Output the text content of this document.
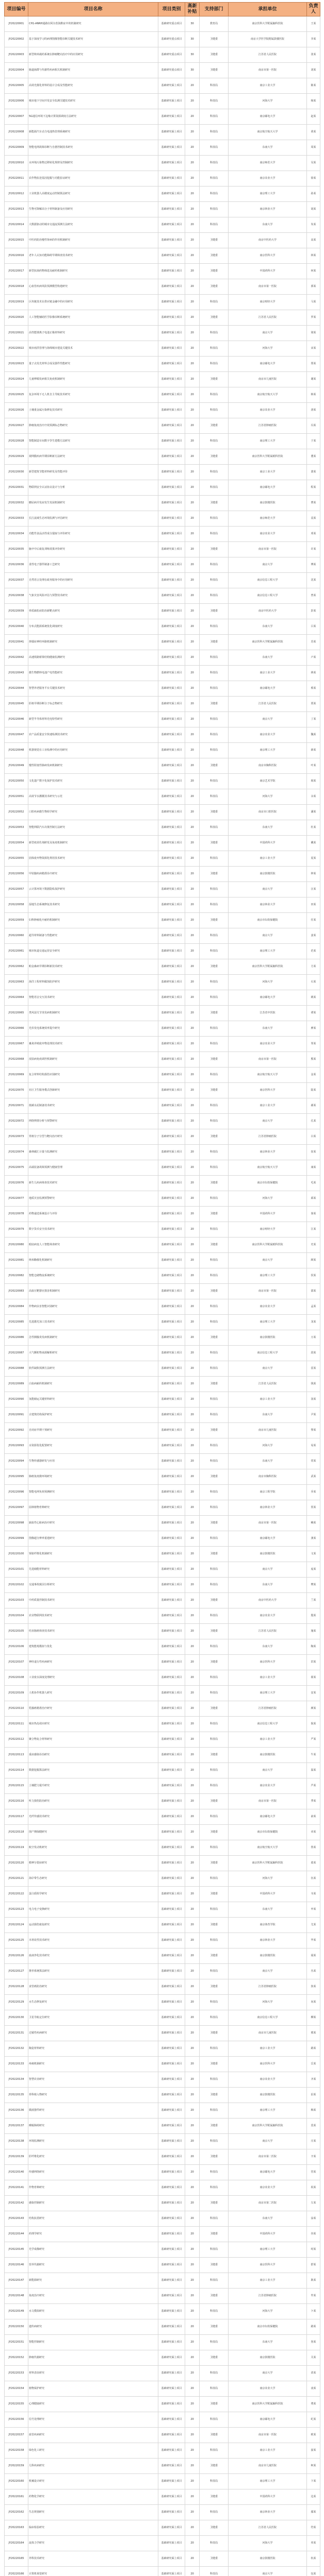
项目编号	项目名称	项目类别	高新补贴	支持部门	承担单位	负责人
JY20220001	CH1-ANRH通路在阿尔茨海默症中的机制研究	基础研究重点项目	30	教育局	南京医科大学附属脑科医院	王某
JY20220002	基于深度学习的病理图像智能诊断关键技术研究	基础研究重点项目	30	卫健委	南京大学医学院附属鼓楼医院	李某
JY20220003	新型纳米载药系统在肿瘤靶向治疗中的应用研究	基础研究重点项目	30	卫健委	江苏省人民医院	张某
JY20220004	肠道菌群与代谢性疾病相关机制研究	基础研究重点项目	30	卫健委	南京市第一医院	刘某
JY20220005	高效光催化材料的设计合成及性能研究	基础研究面上项目	20	科技局	南京工业大学	陈某
JY20220006	城市地下空间开发安全监测关键技术研究	基础研究面上项目	20	科技局	河海大学	杨某
JY20220007	5G通信环境下边缘计算资源调度方法研究	基础研究面上项目	20	科技局	南京邮电大学	赵某
JY20220008	新能源汽车动力电池热管理系统研究	基础研究面上项目	20	科技局	南京航空航天大学	黄某
JY20220009	智能电网故障诊断与自愈控制技术研究	基础研究面上项目	20	科技局	东南大学	周某
JY20220010	水环境污染物迁移转化规律及控制研究	基础研究面上项目	20	科技局	南京师范大学	吴某
JY20220011	农作物抗逆基因挖掘与功能验证研究	基础研究面上项目	20	科技局	南京农业大学	徐某
JY20220012	工业机器人高精度运动控制算法研究	基础研究面上项目	20	科技局	南京理工大学	孙某
JY20220013	生物可降解高分子材料制备及应用研究	基础研究面上项目	20	科技局	南京林业大学	胡某
JY20220014	大数据驱动的城市交通流预测方法研究	基础研究面上项目	20	科技局	东南大学	朱某
JY20220015	中医药防治慢性肾病的作用机制研究	基础研究面上项目	20	卫健委	南京中医药大学	高某
JY20220016	老年人认知功能障碍早期筛查技术研究	基础研究面上项目	20	卫健委	南京医科大学	林某
JY20220017	新型抗菌药物筛选及耐药机制研究	基础研究面上项目	20	卫健委	中国药科大学	何某
JY20220018	心血管疾病风险预测模型构建研究	基础研究面上项目	20	卫健委	南京市第一医院	郭某
JY20220019	区块链技术在供应链金融中的应用研究	基础研究面上项目	20	科技局	南京财经大学	马某
JY20220020	人工智能辅助医学影像诊断系统研究	基础研究面上项目	20	卫健委	江苏省人民医院	罗某
JY20220021	高性能锂离子电池正极材料研究	基础研究面上项目	20	科技局	南京大学	梁某
JY20220022	城市雨洪管理与海绵城市建设关键技术	基础研究面上项目	20	科技局	河海大学	宋某
JY20220023	量子点发光材料合成及器件性能研究	基础研究面上项目	20	科技局	南京邮电大学	郑某
JY20220024	儿童哮喘发病相关免疫机制研究	基础研究面上项目	20	卫健委	南京市儿童医院	谢某
JY20220025	复杂环境下无人机自主导航技术研究	基础研究面上项目	20	科技局	南京航空航天大学	韩某
JY20220026	土壤重金属污染修复技术研究	基础研究面上项目	20	科技局	南京农业大学	唐某
JY20220027	肿瘤免疫治疗疗效预测标志物研究	基础研究面上项目	20	卫健委	江苏省肿瘤医院	冯某
JY20220028	智能制造车间数字孪生建模方法研究	基础研究面上项目	20	科技局	南京理工大学	于某
JY20220029	视网膜疾病早期诊断新方法研究	基础研究面上项目	20	卫健委	南京医科大学附属眼科医院	董某
JY20220030	新型建筑节能材料研发及性能评价	基础研究面上项目	20	科技局	南京工业大学	萧某
JY20220031	物联网安全认证协议设计与分析	基础研究面上项目	20	科技局	南京邮电大学	程某
JY20220032	糖尿病并发症发生发展机制研究	基础研究面上项目	20	卫健委	南京鼓楼医院	曹某
JY20220033	长江流域生态环境监测与评估研究	基础研究面上项目	20	科技局	南京师范大学	袁某
JY20220034	功能性食品活性成分提取与评价研究	基础研究面上项目	20	科技局	南京农业大学	邓某
JY20220035	脑卒中后康复训练效果评价研究	基础研究面上项目	20	卫健委	南京市第一医院	许某
JY20220036	柔性电子器件制备工艺研究	基础研究面上项目	20	科技局	南京大学	傅某
JY20220037	自然语言处理在政务服务中的应用研究	基础研究面上项目	20	科技局	南京信息工程大学	沈某
JY20220038	气象灾害风险评估与预警技术研究	基础研究面上项目	20	科技局	南京信息工程大学	曾某
JY20220039	骨质疏松症防治新靶点研究	基础研究面上项目	20	卫健委	南京中医药大学	彭某
JY20220040	分布式能源系统优化调度研究	基础研究面上项目	20	科技局	东南大学	吕某
JY20220041	抑郁症神经环路机制研究	基础研究面上项目	20	卫健委	南京医科大学附属脑科医院	苏某
JY20220042	高速铁路桥梁结构健康监测研究	基础研究面上项目	20	科技局	东南大学	卢某
JY20220043	微生物燃料电池产电性能研究	基础研究面上项目	20	科技局	南京工业大学	蒋某
JY20220044	智慧养老服务平台关键技术研究	基础研究面上项目	20	科技局	南京邮电大学	蔡某
JY20220045	肝癌早期诊断分子标志物研究	基础研究面上项目	20	卫健委	江苏省人民医院	贾某
JY20220046	新型半导体材料光电特性研究	基础研究面上项目	20	科技局	南京大学	丁某
JY20220047	农产品质量安全快速检测技术研究	基础研究面上项目	20	科技局	南京农业大学	魏某
JY20220048	机器视觉在工业检测中的应用研究	基础研究面上项目	20	科技局	南京理工大学	薛某
JY20220049	慢性阻塞性肺病发病机制研究	基础研究面上项目	20	卫健委	南京市胸科医院	叶某
JY20220050	文化遗产数字化保护技术研究	基础研究面上项目	20	科技局	南京艺术学院	阎某
JY20220051	高效节水灌溉技术研究与示范	基础研究面上项目	20	科技局	河海大学	余某
JY20220052	口腔疾病微生物组学研究	基础研究面上项目	20	卫健委	南京市口腔医院	潘某
JY20220053	智能网联汽车决策控制方法研究	基础研究面上项目	20	科技局	东南大学	杜某
JY20220054	新型疫苗佐剂研发及免疫机制研究	基础研究面上项目	20	卫健委	中国药科大学	戴某
JY20220055	固体废弃物资源化利用技术研究	基础研究面上项目	20	科技局	南京工业大学	夏某
JY20220056	甲状腺疾病精准诊疗研究	基础研究面上项目	20	卫健委	南京鼓楼医院	钟某
JY20220057	云计算环境下数据隐私保护研究	基础研究面上项目	20	科技局	南京大学	汪某
JY20220058	湿地生态系统修复技术研究	基础研究面上项目	20	科技局	南京林业大学	田某
JY20220059	妇科肿瘤化疗耐药机制研究	基础研究面上项目	20	卫健委	南京市妇幼保健院	任某
JY20220060	超导材料制备与性能研究	基础研究面上项目	20	科技局	南京大学	姜某
JY20220061	城市轨道交通运营安全研究	基础研究面上项目	20	科技局	南京理工大学	范某
JY20220062	帕金森病早期诊断新技术研究	基础研究面上项目	20	卫健委	南京医科大学附属脑科医院	方某
JY20220063	海洋工程材料腐蚀防护研究	基础研究面上项目	20	科技局	河海大学	石某
JY20220064	智能语音交互技术研究	基础研究面上项目	20	科技局	南京邮电大学	姚某
JY20220065	类风湿关节炎发病机制研究	基础研究面上项目	20	卫健委	江苏省中医院	谭某
JY20220066	光伏发电系统效率提升研究	基础研究面上项目	20	科技局	东南大学	廖某
JY20220067	畜禽养殖废弃物处理技术研究	基础研究面上项目	20	科技局	南京农业大学	邹某
JY20220068	皮肤病免疫调控机制研究	基础研究面上项目	20	卫健委	南京市第一医院	熊某
JY20220069	复合材料结构损伤识别研究	基础研究面上项目	20	科技局	南京航空航天大学	金某
JY20220070	社区卫生服务模式创新研究	基础研究面上项目	20	卫健委	南京医科大学	陆某
JY20220071	低碳水泥制备技术研究	基础研究面上项目	20	科技局	南京工业大学	郝某
JY20220072	网络舆情分析与预警研究	基础研究面上项目	20	科技局	南京大学	孔某
JY20220073	胃癌分子分型与靶向治疗研究	基础研究面上项目	20	卫健委	江苏省肿瘤医院	白某
JY20220074	森林碳汇计量与监测研究	基础研究面上项目	20	科技局	南京林业大学	崔某
JY20220075	高端装备故障预测与健康管理	基础研究面上项目	20	科技局	南京航空航天大学	康某
JY20220076	新生儿疾病筛查技术研究	基础研究面上项目	20	卫健委	南京市妇幼保健院	毛某
JY20220077	地质灾害监测预警研究	基础研究面上项目	20	科技局	河海大学	邱某
JY20220078	药物递送系统设计与评价	基础研究面上项目	20	卫健委	中国药科大学	秦某
JY20220079	数字货币安全技术研究	基础研究面上项目	20	科技局	南京财经大学	江某
JY20220080	眼底病变人工智能筛查研究	基础研究面上项目	20	卫健委	南京医科大学附属眼科医院	史某
JY20220081	纳米酶催化机制研究	基础研究面上项目	20	科技局	南京大学	顾某
JY20220082	智能仓储物流系统研究	基础研究面上项目	20	科技局	南京理工大学	侯某
JY20220083	高血压靶器官损害机制研究	基础研究面上项目	20	卫健委	南京市第一医院	邵某
JY20220084	作物病虫害智能识别研究	基础研究面上项目	20	科技局	南京农业大学	孟某
JY20220085	先进激光加工技术研究	基础研究面上项目	20	科技局	南京理工大学	龙某
JY20220086	急性胰腺炎发病机制研究	基础研究面上项目	20	卫健委	南京鼓楼医院	万某
JY20220087	大气颗粒物来源解析研究	基础研究面上项目	20	科技局	南京信息工程大学	段某
JY20220088	软件缺陷预测方法研究	基础研究面上项目	20	科技局	南京大学	雷某
JY20220089	白血病耐药机制研究	基础研究面上项目	20	卫健委	江苏省人民医院	钱某
JY20220090	氢能储运关键材料研究	基础研究面上项目	20	科技局	南京工业大学	汤某
JY20220091	古建筑结构保护研究	基础研究面上项目	20	科技局	东南大学	尹某
JY20220092	自闭症早期干预研究	基础研究面上项目	20	卫健委	南京市儿童医院	黎某
JY20220093	水资源优化配置研究	基础研究面上项目	20	科技局	河海大学	易某
JY20220094	生物传感器研发与应用	基础研究面上项目	20	科技局	东南大学	常某
JY20220095	肺癌免疫微环境研究	基础研究面上项目	20	卫健委	南京市胸科医院	武某
JY20220096	智能电网负荷预测研究	基础研究面上项目	20	科技局	南京工程学院	乔某
JY20220097	园林植物育种研究	基础研究面上项目	20	科技局	南京林业大学	贺某
JY20220098	缺血性心脏病治疗研究	基础研究面上项目	20	卫健委	南京市第一医院	赖某
JY20220099	图像超分辨率重建研究	基础研究面上项目	20	科技局	南京邮电大学	龚某
JY20220100	肾脏纤维化机制研究	基础研究面上项目	20	卫健委	南京鼓楼医院	文某
JY20220101	先进储能材料研究	基础研究面上项目	20	科技局	南京大学	庞某
JY20220102	交通事故致因分析研究	基础研究面上项目	20	科技局	东南大学	樊某
JY20220103	中药质量控制技术研究	基础研究面上项目	20	卫健委	南京中医药大学	兰某
JY20220104	农业物联网技术研究	基础研究面上项目	20	科技局	南京农业大学	殷某
JY20220105	结直肠癌筛查技术研究	基础研究面上项目	20	卫健委	江苏省人民医院	施某
JY20220106	建筑能耗模拟与优化	基础研究面上项目	20	科技局	东南大学	陶某
JY20220107	神经退行性疾病研究	基础研究面上项目	20	卫健委	南京医科大学	洪某
JY20220108	工业废水深度处理研究	基础研究面上项目	20	科技局	南京工业大学	翟某
JY20220109	人机协作机器人研究	基础研究面上项目	20	科技局	南京理工大学	安某
JY20220110	乳腺癌精准治疗研究	基础研究面上项目	20	卫健委	江苏省肿瘤医院	颜某
JY20220111	城市热岛效应研究	基础研究面上项目	20	科技局	南京信息工程大学	倪某
JY20220112	聚合物复合材料研究	基础研究面上项目	20	科技局	南京工业大学	严某
JY20220113	重症感染诊治研究	基础研究面上项目	20	卫健委	南京鼓楼医院	牛某
JY20220114	数据挖掘算法研究	基础研究面上项目	20	科技局	南京大学	温某
JY20220115	土壤肥力提升研究	基础研究面上项目	20	科技局	南京农业大学	芦某
JY20220116	听力损伤防治研究	基础研究面上项目	20	卫健委	南京市第一医院	季某
JY20220117	光纤传感技术研究	基础研究面上项目	20	科技局	南京邮电大学	俞某
JY20220118	围产期保健研究	基础研究面上项目	20	卫健委	南京市妇幼保健院	章某
JY20220119	航空发动机研究	基础研究面上项目	20	科技局	南京航空航天大学	鲁某
JY20220120	精神分裂症研究	基础研究面上项目	20	卫健委	南京医科大学附属脑科医院	葛某
JY20220121	海岸带生态研究	基础研究面上项目	20	科技局	河海大学	伍某
JY20220122	蛋白质组学研究	基础研究面上项目	20	卫健委	中国药科大学	韦某
JY20220123	电力电子变换研究	基础研究面上项目	20	科技局	东南大学	申某
JY20220124	运动损伤康复研究	基础研究面上项目	20	卫健委	南京体育学院	尤某
JY20220125	木材改性技术研究	基础研究面上项目	20	科技局	南京林业大学	毕某
JY20220126	血液净化技术研究	基础研究面上项目	20	卫健委	南京鼓楼医院	聂某
JY20220127	推荐系统算法研究	基础研究面上项目	20	科技局	南京大学	丛某
JY20220128	食管癌防治研究	基础研究面上项目	20	卫健委	江苏省肿瘤医院	焦某
JY20220129	水生态修复研究	基础研究面上项目	20	科技局	河海大学	向某
JY20220130	卫星导航定位研究	基础研究面上项目	20	科技局	南京信息工程大学	柳某
JY20220131	过敏性疾病研究	基础研究面上项目	20	卫健委	南京市儿童医院	邢某
JY20220132	陶瓷材料研究	基础研究面上项目	20	科技局	南京工业大学	路某
JY20220133	疼痛机制研究	基础研究面上项目	20	卫健委	南京医科大学	岳某
JY20220134	智慧农业研究	基础研究面上项目	20	科技局	南京农业大学	齐某
JY20220135	骨科植入物研究	基础研究面上项目	20	卫健委	南京鼓楼医院	沿某
JY20220136	微波器件研究	基础研究面上项目	20	科技局	南京理工大学	梅某
JY20220137	睡眠障碍研究	基础研究面上项目	20	卫健委	南京医科大学附属脑科医院	莫某
JY20220138	环境监测研究	基础研究面上项目	20	科技局	南京大学	庄某
JY20220139	肝纤维化研究	基础研究面上项目	20	卫健委	南京市第二医院	辛某
JY20220140	传感网络研究	基础研究面上项目	20	科技局	南京邮电大学	管某
JY20220141	作物育种研究	基础研究面上项目	20	科技局	南京农业大学	祝某
JY20220142	感染控制研究	基础研究面上项目	20	卫健委	南京市第二医院	左某
JY20220143	结构抗震研究	基础研究面上项目	20	科技局	东南大学	涂某
JY20220144	药理学研究	基础研究面上项目	20	卫健委	中国药科大学	谷某
JY20220145	光学成像研究	基础研究面上项目	20	科技局	南京理工大学	时某
JY20220146	营养代谢研究	基础研究面上项目	20	卫健委	南京医科大学	舒某
JY20220147	新能源研究	基础研究面上项目	20	科技局	南京工业大学	耿某
JY20220148	免疫治疗研究	基础研究面上项目	20	卫健委	江苏省肿瘤医院	牟某
JY20220149	水文模拟研究	基础研究面上项目	20	科技局	河海大学	卜某
JY20220150	遗传病研究	基础研究面上项目	20	卫健委	南京市妇幼保健院	路某
JY20220151	智能控制研究	基础研究面上项目	20	科技局	东南大学	詹某
JY20220152	肿瘤代谢研究	基础研究面上项目	20	卫健委	南京鼓楼医院	关某
JY20220153	材料表征研究	基础研究面上项目	20	科技局	南京大学	苗某
JY20220154	植物保护研究	基础研究面上项目	20	科技局	南京农业大学	凌某
JY20220155	心理健康研究	基础研究面上项目	20	卫健委	南京医科大学附属脑科医院	费某
JY20220156	信号处理研究	基础研究面上项目	20	科技局	南京邮电大学	纪某
JY20220157	血管疾病研究	基础研究面上项目	20	卫健委	南京市第一医院	欧某
JY20220158	绿色化工研究	基础研究面上项目	20	科技局	南京工业大学	晏某
JY20220159	儿科疾病研究	基础研究面上项目	20	卫健委	南京市儿童医院	柯某
JY20220160	机械设计研究	基础研究面上项目	20	科技局	南京理工大学	卞某
JY20220161	药物化学研究	基础研究面上项目	20	卫健委	中国药科大学	边某
JY20220162	生态规划研究	基础研究面上项目	20	科技局	南京林业大学	鄢某
JY20220163	临床检验研究	基础研究面上项目	20	卫健委	江苏省人民医院	符某
JY20220164	流体力学研究	基础研究面上项目	20	科技局	河海大学	单某
JY20220165	外科技术研究	基础研究面上项目	20	卫健委	南京鼓楼医院	杭某
JY20220166	计算机视觉研究	基础研究面上项目	20	科技局	南京大学	包某
